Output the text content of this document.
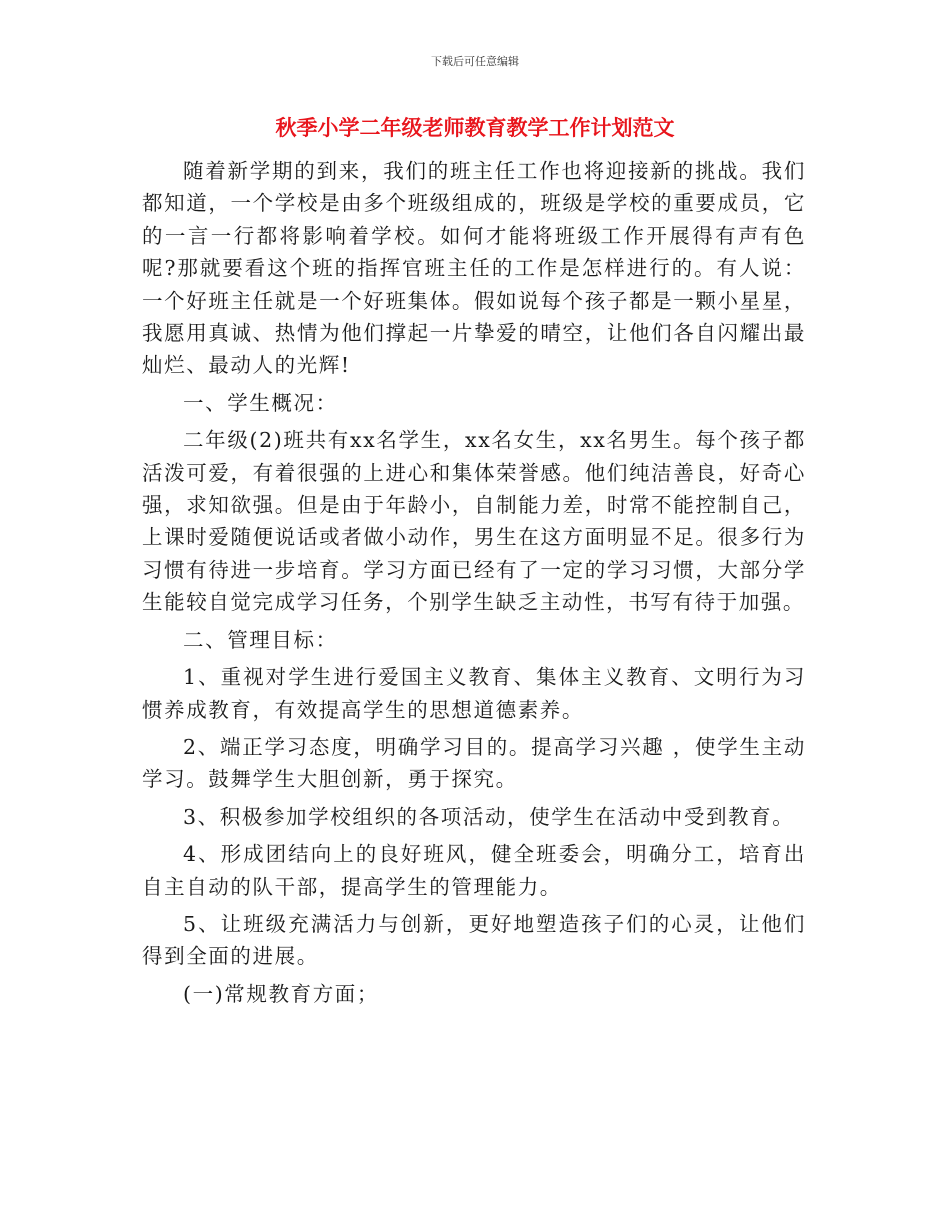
下载后可任意编辑
秋季小学二年级老师教育教学工作计划范文

随着新学期的到来，我们的班主任工作也将迎接新的挑战。我们都知道，一个学校是由多个班级组成的，班级是学校的重要成员，它的一言一行都将影响着学校。如何才能将班级工作开展得有声有色呢?那就要看这个班的指挥官班主任的工作是怎样进行的。有人说：一个好班主任就是一个好班集体。假如说每个孩子都是一颗小星星，我愿用真诚、热情为他们撑起一片挚爱的晴空，让他们各自闪耀出最灿烂、最动人的光辉!

一、学生概况：

二年级(2)班共有xx名学生，xx名女生，xx名男生。每个孩子都活泼可爱，有着很强的上进心和集体荣誉感。他们纯洁善良，好奇心强，求知欲强。但是由于年龄小，自制能力差，时常不能控制自己，上课时爱随便说话或者做小动作，男生在这方面明显不足。很多行为习惯有待进一步培育。学习方面已经有了一定的学习习惯，大部分学生能较自觉完成学习任务，个别学生缺乏主动性，书写有待于加强。

二、管理目标：

1、重视对学生进行爱国主义教育、集体主义教育、文明行为习惯养成教育，有效提高学生的思想道德素养。

2、端正学习态度，明确学习目的。提高学习兴趣 ，使学生主动学习。鼓舞学生大胆创新，勇于探究。

3、积极参加学校组织的各项活动，使学生在活动中受到教育。

4、形成团结向上的良好班风，健全班委会，明确分工，培育出自主自动的队干部，提高学生的管理能力。

5、让班级充满活力与创新，更好地塑造孩子们的心灵，让他们得到全面的进展。

(一)常规教育方面；
